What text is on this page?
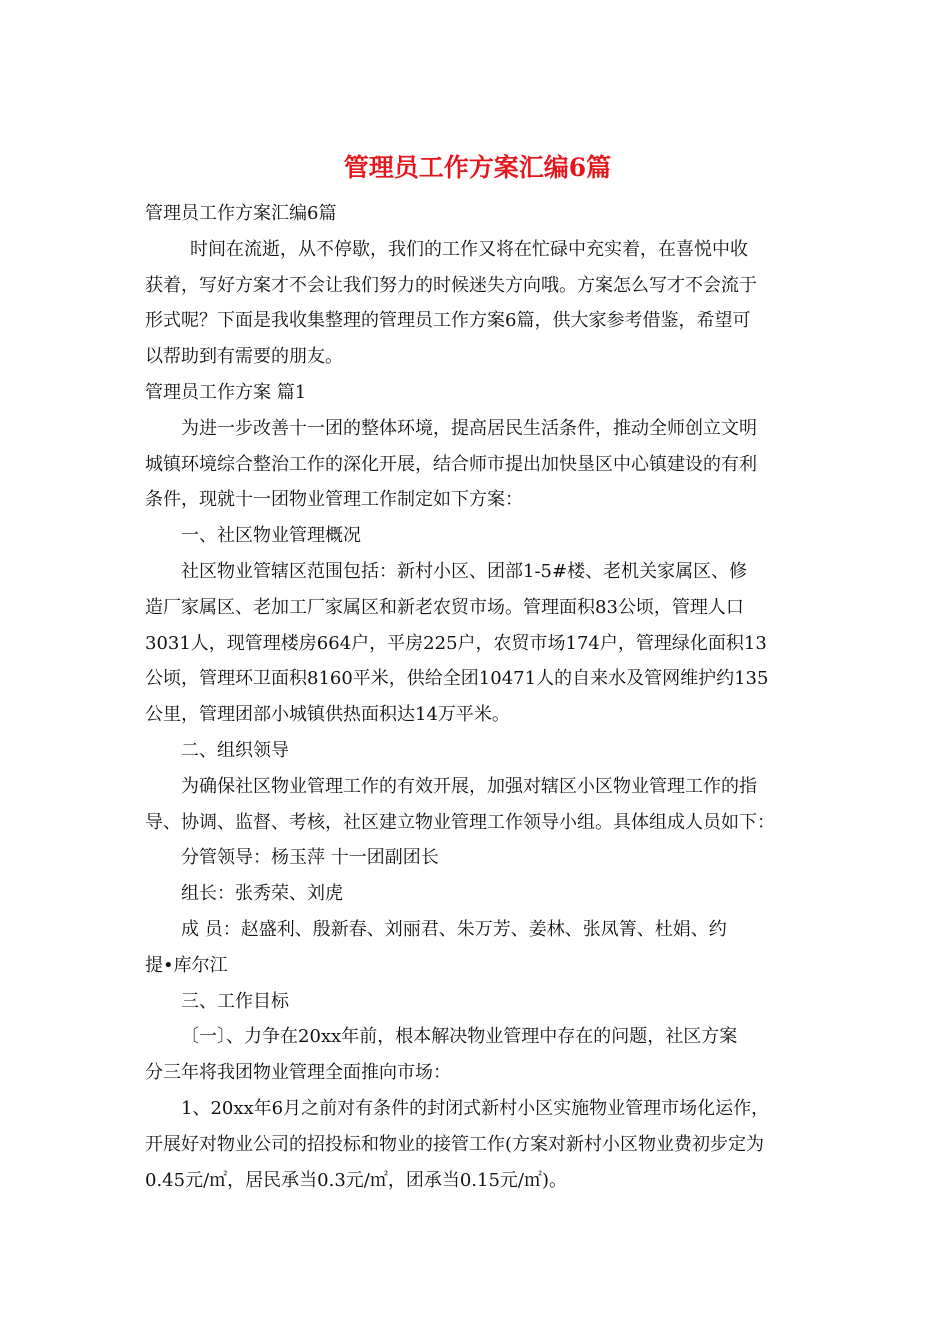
管理员工作方案汇编6篇
管理员工作方案汇编6篇
时间在流逝，从不停歇，我们的工作又将在忙碌中充实着，在喜悦中收
获着，写好方案才不会让我们努力的时候迷失方向哦。方案怎么写才不会流于
形式呢？下面是我收集整理的管理员工作方案6篇，供大家参考借鉴，希望可
以帮助到有需要的朋友。
管理员工作方案 篇1
为进一步改善十一团的整体环境，提高居民生活条件，推动全师创立文明
城镇环境综合整治工作的深化开展，结合师市提出加快垦区中心镇建设的有利
条件，现就十一团物业管理工作制定如下方案：
一、社区物业管理概况
社区物业管辖区范围包括：新村小区、团部1-5#楼、老机关家属区、修
造厂家属区、老加工厂家属区和新老农贸市场。管理面积83公顷，管理人口
3031人，现管理楼房664户，平房225户，农贸市场174户，管理绿化面积13
公顷，管理环卫面积8160平米，供给全团10471人的自来水及管网维护约135
公里，管理团部小城镇供热面积达14万平米。
二、组织领导
为确保社区物业管理工作的有效开展，加强对辖区小区物业管理工作的指
导、协调、监督、考核，社区建立物业管理工作领导小组。具体组成人员如下：
分管领导：杨玉萍 十一团副团长
组长：张秀荣、刘虎
成 员：赵盛利、殷新春、刘丽君、朱万芳、姜林、张凤箐、杜娟、约
提•库尔江
三、工作目标
〔一〕、力争在20xx年前，根本解决物业管理中存在的问题，社区方案
分三年将我团物业管理全面推向市场：
1、20xx年6月之前对有条件的封闭式新村小区实施物业管理市场化运作，
开展好对物业公司的招投标和物业的接管工作(方案对新村小区物业费初步定为
0.45元/㎡，居民承当0.3元/㎡，团承当0.15元/㎡)。
